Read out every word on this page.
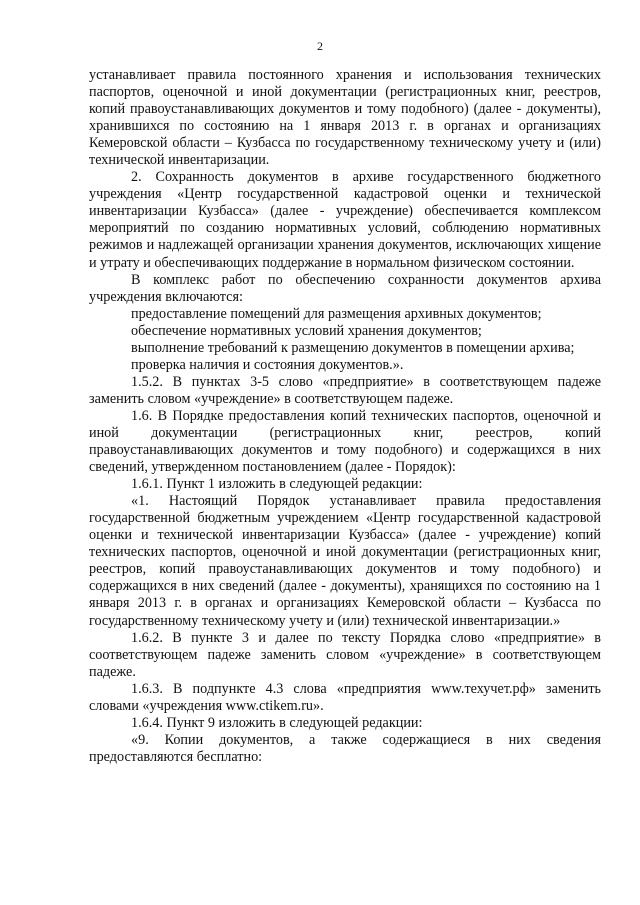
2

устанавливает правила постоянного хранения и использования технических паспортов, оценочной и иной документации (регистрационных книг, реестров, копий правоустанавливающих документов и тому подобного) (далее - документы), хранившихся по состоянию на 1 января 2013 г. в органах и организациях Кемеровской области – Кузбасса по государственному техническому учету и (или) технической инвентаризации.

2. Сохранность документов в архиве государственного бюджетного учреждения «Центр государственной кадастровой оценки и технической инвентаризации Кузбасса» (далее - учреждение) обеспечивается комплексом мероприятий по созданию нормативных условий, соблюдению нормативных режимов и надлежащей организации хранения документов, исключающих хищение и утрату и обеспечивающих поддержание в нормальном физическом состоянии.

В комплекс работ по обеспечению сохранности документов архива учреждения включаются:

предоставление помещений для размещения архивных документов;

обеспечение нормативных условий хранения документов;

выполнение требований к размещению документов в помещении архива;

проверка наличия и состояния документов.».

1.5.2. В пунктах 3-5 слово «предприятие» в соответствующем падеже заменить словом «учреждение» в соответствующем падеже.

1.6. В Порядке предоставления копий технических паспортов, оценочной и иной документации (регистрационных книг, реестров, копий правоустанавливающих документов и тому подобного) и содержащихся в них сведений, утвержденном постановлением (далее - Порядок):

1.6.1. Пункт 1 изложить в следующей редакции:

«1. Настоящий Порядок устанавливает правила предоставления государственной бюджетным учреждением «Центр государственной кадастровой оценки и технической инвентаризации Кузбасса» (далее - учреждение) копий технических паспортов, оценочной и иной документации (регистрационных книг, реестров, копий правоустанавливающих документов и тому подобного) и содержащихся в них сведений (далее - документы), хранящихся по состоянию на 1 января 2013 г. в органах и организациях Кемеровской области – Кузбасса по государственному техническому учету и (или) технической инвентаризации.»

1.6.2. В пункте 3 и далее по тексту Порядка слово «предприятие» в соответствующем падеже заменить словом «учреждение» в соответствующем падеже.

1.6.3. В подпункте 4.3 слова «предприятия www.техучет.рф» заменить словами «учреждения www.ctikem.ru».

1.6.4. Пункт 9 изложить в следующей редакции:

«9. Копии документов, а также содержащиеся в них сведения предоставляются бесплатно:
